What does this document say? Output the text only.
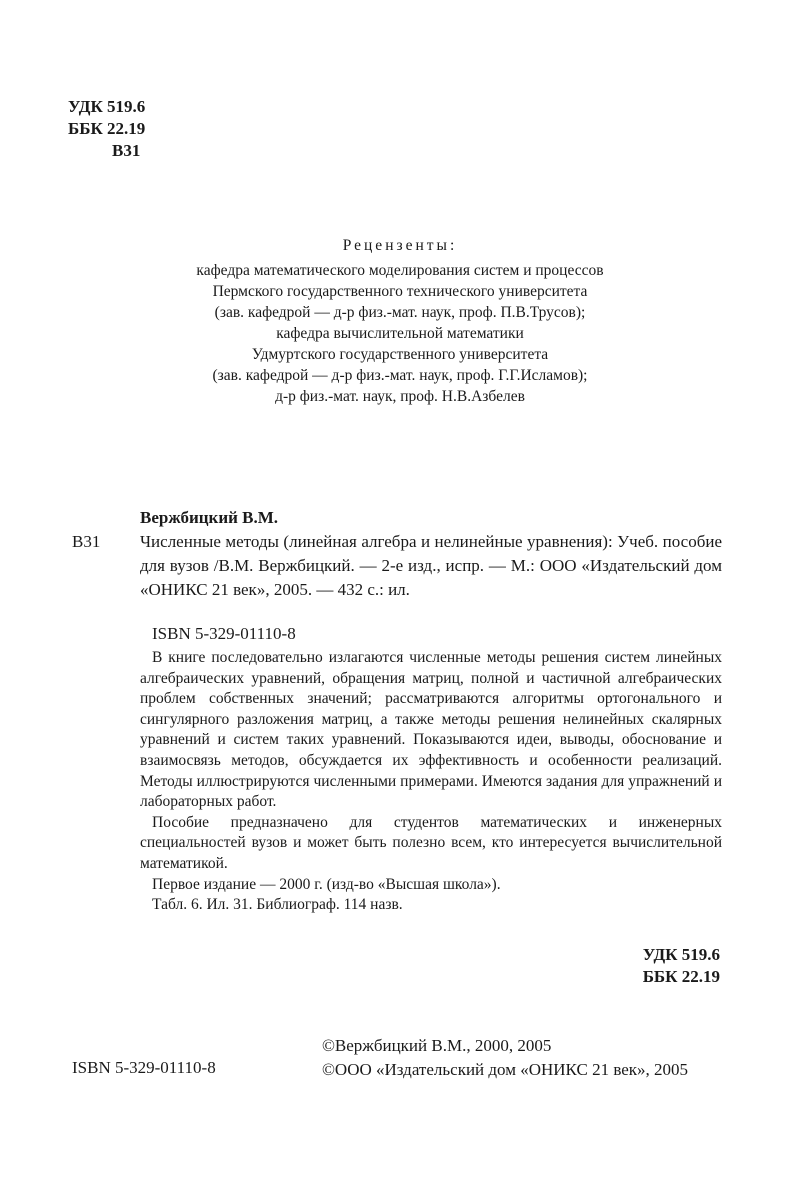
УДК 519.6
ББК 22.19
В31
Рецензенты:
кафедра математического моделирования систем и процессов
Пермского государственного технического университета
(зав. кафедрой — д-р физ.-мат. наук, проф. П.В.Трусов);
кафедра вычислительной математики
Удмуртского государственного университета
(зав. кафедрой — д-р физ.-мат. наук, проф. Г.Г.Исламов);
д-р физ.-мат. наук, проф. Н.В.Азбелев
Вержбицкий В.М.
В31 Численные методы (линейная алгебра и нелинейные уравнения): Учеб. пособие для вузов /В.М. Вержбицкий. — 2-е изд., испр. — М.: ООО «Издательский дом «ОНИКС 21 век», 2005. — 432 с.: ил.
ISBN 5-329-01110-8

В книге последовательно излагаются численные методы решения систем линейных алгебраических уравнений, обращения матриц, полной и частичной алгебраических проблем собственных значений; рассматриваются алгоритмы ортогонального и сингулярного разложения матриц, а также методы решения нелинейных скалярных уравнений и систем таких уравнений. Показываются идеи, выводы, обоснование и взаимосвязь методов, обсуждается их эффективность и особенности реализаций. Методы иллюстрируются численными примерами. Имеются задания для упражнений и лабораторных работ.

Пособие предназначено для студентов математических и инженерных специальностей вузов и может быть полезно всем, кто интересуется вычислительной математикой.

Первое издание — 2000 г. (изд-во «Высшая школа»).

Табл. 6. Ил. 31. Библиограф. 114 назв.

УДК 519.6
ББК 22.19
©Вержбицкий В.М., 2000, 2005
©ООО «Издательский дом «ОНИКС 21 век», 2005
ISBN 5-329-01110-8
